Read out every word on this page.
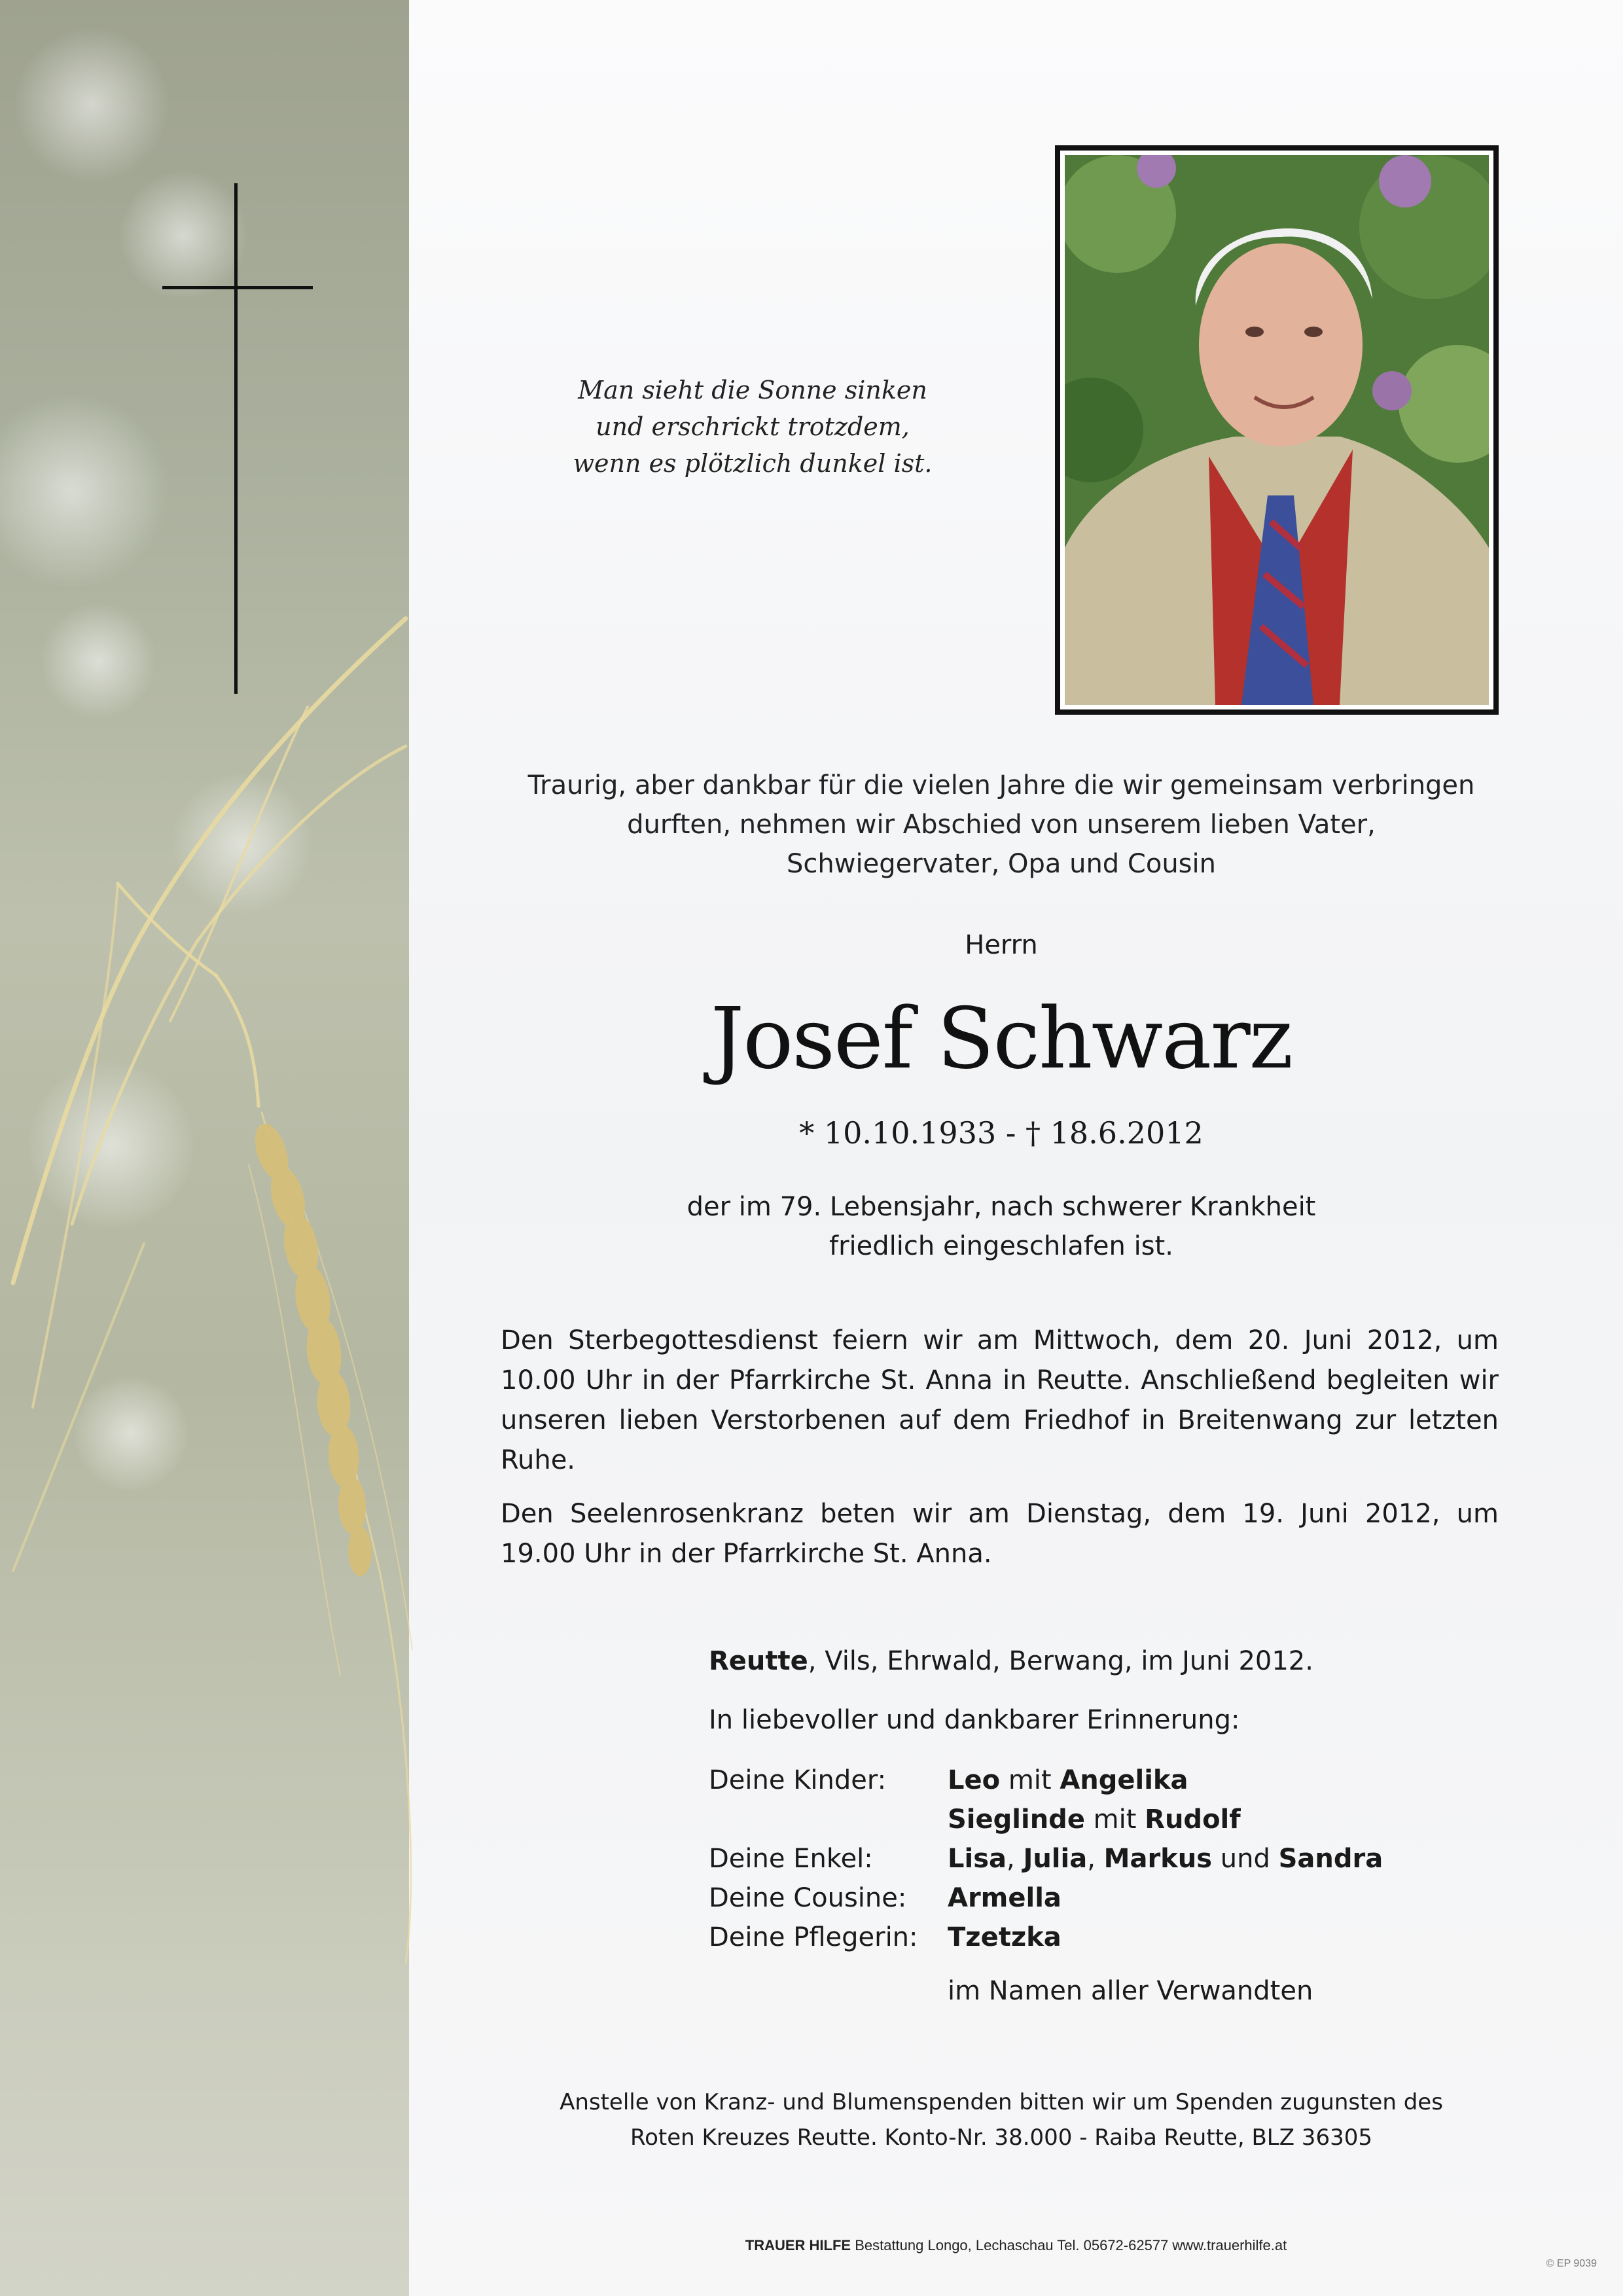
Man sieht die Sonne sinken
und erschrickt trotzdem,
wenn es plötzlich dunkel ist.
Traurig, aber dankbar für die vielen Jahre die wir gemeinsam verbringen
durften, nehmen wir Abschied von unserem lieben Vater,
Schwiegervater, Opa und Cousin
Herrn
Josef Schwarz
* 10.10.1933 - † 18.6.2012
der im 79. Lebensjahr, nach schwerer Krankheit
friedlich eingeschlafen ist.
Den Sterbegottesdienst feiern wir am Mittwoch, dem 20. Juni 2012, um 10.00 Uhr in der Pfarrkirche St. Anna in Reutte. Anschließend begleiten wir unseren lieben Verstorbenen auf dem Friedhof in Breitenwang zur letzten Ruhe.
Den Seelenrosenkranz beten wir am Dienstag, dem 19. Juni 2012, um 19.00 Uhr in der Pfarrkirche St. Anna.
Reutte, Vils, Ehrwald, Berwang, im Juni 2012.
In liebevoller und dankbarer Erinnerung:
Deine Kinder:	Leo mit Angelika
Sieglinde mit Rudolf
Deine Enkel:	Lisa, Julia, Markus und Sandra
Deine Cousine:	Armella
Deine Pflegerin:	Tzetzka
im Namen aller Verwandten
Anstelle von Kranz- und Blumenspenden bitten wir um Spenden zugunsten des
Roten Kreuzes Reutte. Konto-Nr. 38.000 - Raiba Reutte, BLZ 36305
TRAUER HILFE Bestattung Longo, Lechaschau Tel. 05672-62577 www.trauerhilfe.at
© EP 9039
